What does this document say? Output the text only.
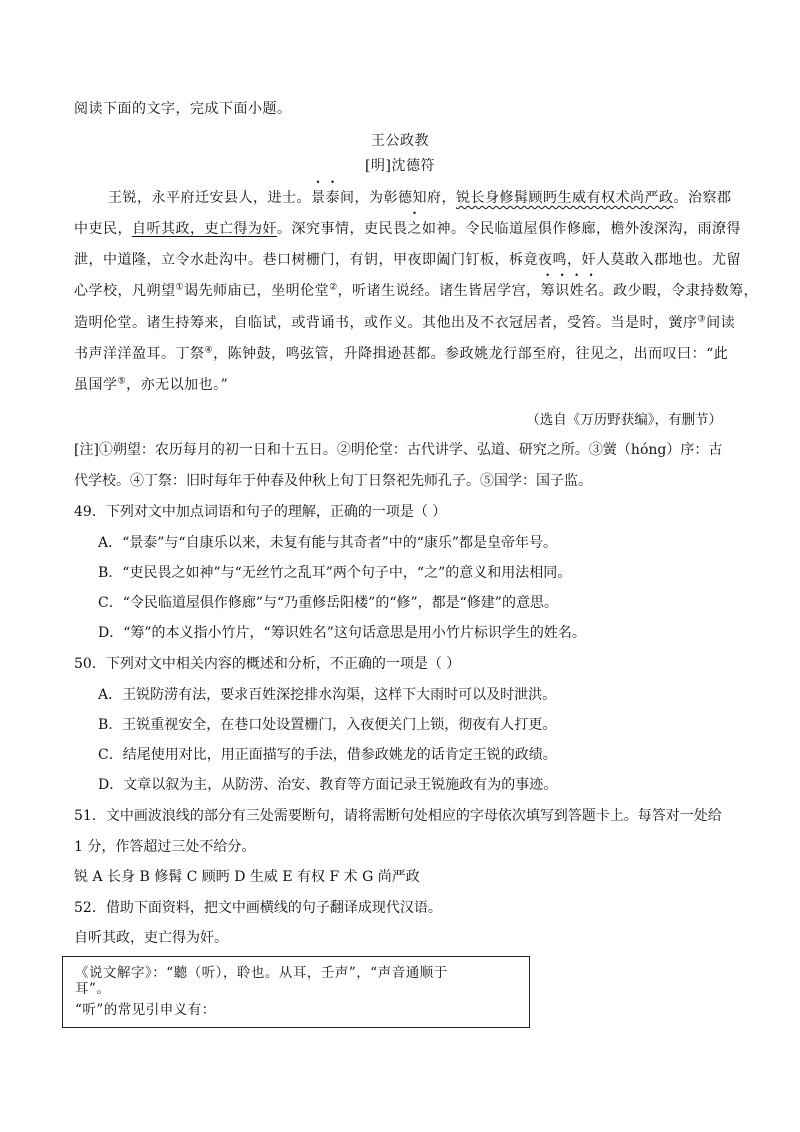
阅读下面的文字，完成下面小题。
王公政教
[明]沈德符
王锐，永平府迁安县人，进士。景泰间，为彰德知府，锐长身修髯顾眄生威有权术尚严政。治察郡
中吏民，自听其政，吏亡得为奸。深究事情，吏民畏之如神。令民临道屋俱作修廊，檐外浚深沟，雨潦得
泄，中道隆，立令水赴沟中。巷口树栅门，有钥，甲夜即阖门钉板，柝竟夜鸣，奸人莫敢入郡地也。尤留
心学校，凡朔望①谒先师庙已，坐明伦堂②，听诸生说经。诸生皆居学宫，筹识姓名。政少暇，令隶持数筹，
造明伦堂。诸生持筹来，自临试，或背诵书，或作义。其他出及不衣冠居者，受笞。当是时，黉序③间读
书声洋洋盈耳。丁祭④，陈钟鼓，鸣弦管，升降揖逊甚都。参政姚龙行部至府，往见之，出而叹曰：“此
虽国学⑤，亦无以加也。”
（选自《万历野获编》，有删节）
[注]①朔望：农历每月的初一日和十五日。②明伦堂：古代讲学、弘道、研究之所。③黉（hóng）序：古
代学校。④丁祭：旧时每年于仲春及仲秋上旬丁日祭祀先师孔子。⑤国学：国子监。
49．下列对文中加点词语和句子的理解，正确的一项是（ ）
A．“景泰”与“自康乐以来，未复有能与其奇者”中的“康乐”都是皇帝年号。
B．“吏民畏之如神”与“无丝竹之乱耳”两个句子中，“之”的意义和用法相同。
C．“令民临道屋俱作修廊”与“乃重修岳阳楼”的“修”，都是“修建”的意思。
D．“筹”的本义指小竹片，“筹识姓名”这句话意思是用小竹片标识学生的姓名。
50．下列对文中相关内容的概述和分析，不正确的一项是（ ）
A．王锐防涝有法，要求百姓深挖排水沟渠，这样下大雨时可以及时泄洪。
B．王锐重视安全，在巷口处设置栅门，入夜便关门上锁，彻夜有人打更。
C．结尾使用对比，用正面描写的手法，借参政姚龙的话肯定王锐的政绩。
D．文章以叙为主，从防涝、治安、教育等方面记录王锐施政有为的事迹。
51．文中画波浪线的部分有三处需要断句，请将需断句处相应的字母依次填写到答题卡上。每答对一处给
1 分，作答超过三处不给分。
锐 A 长身 B 修髯 C 顾眄 D 生威 E 有权 F 术 G 尚严政
52．借助下面资料，把文中画横线的句子翻译成现代汉语。
自听其政，吏亡得为奸。
《说文解字》：“聽（听），聆也。从耳，壬声”，“声音通顺于
耳”。
“听”的常见引申义有：
